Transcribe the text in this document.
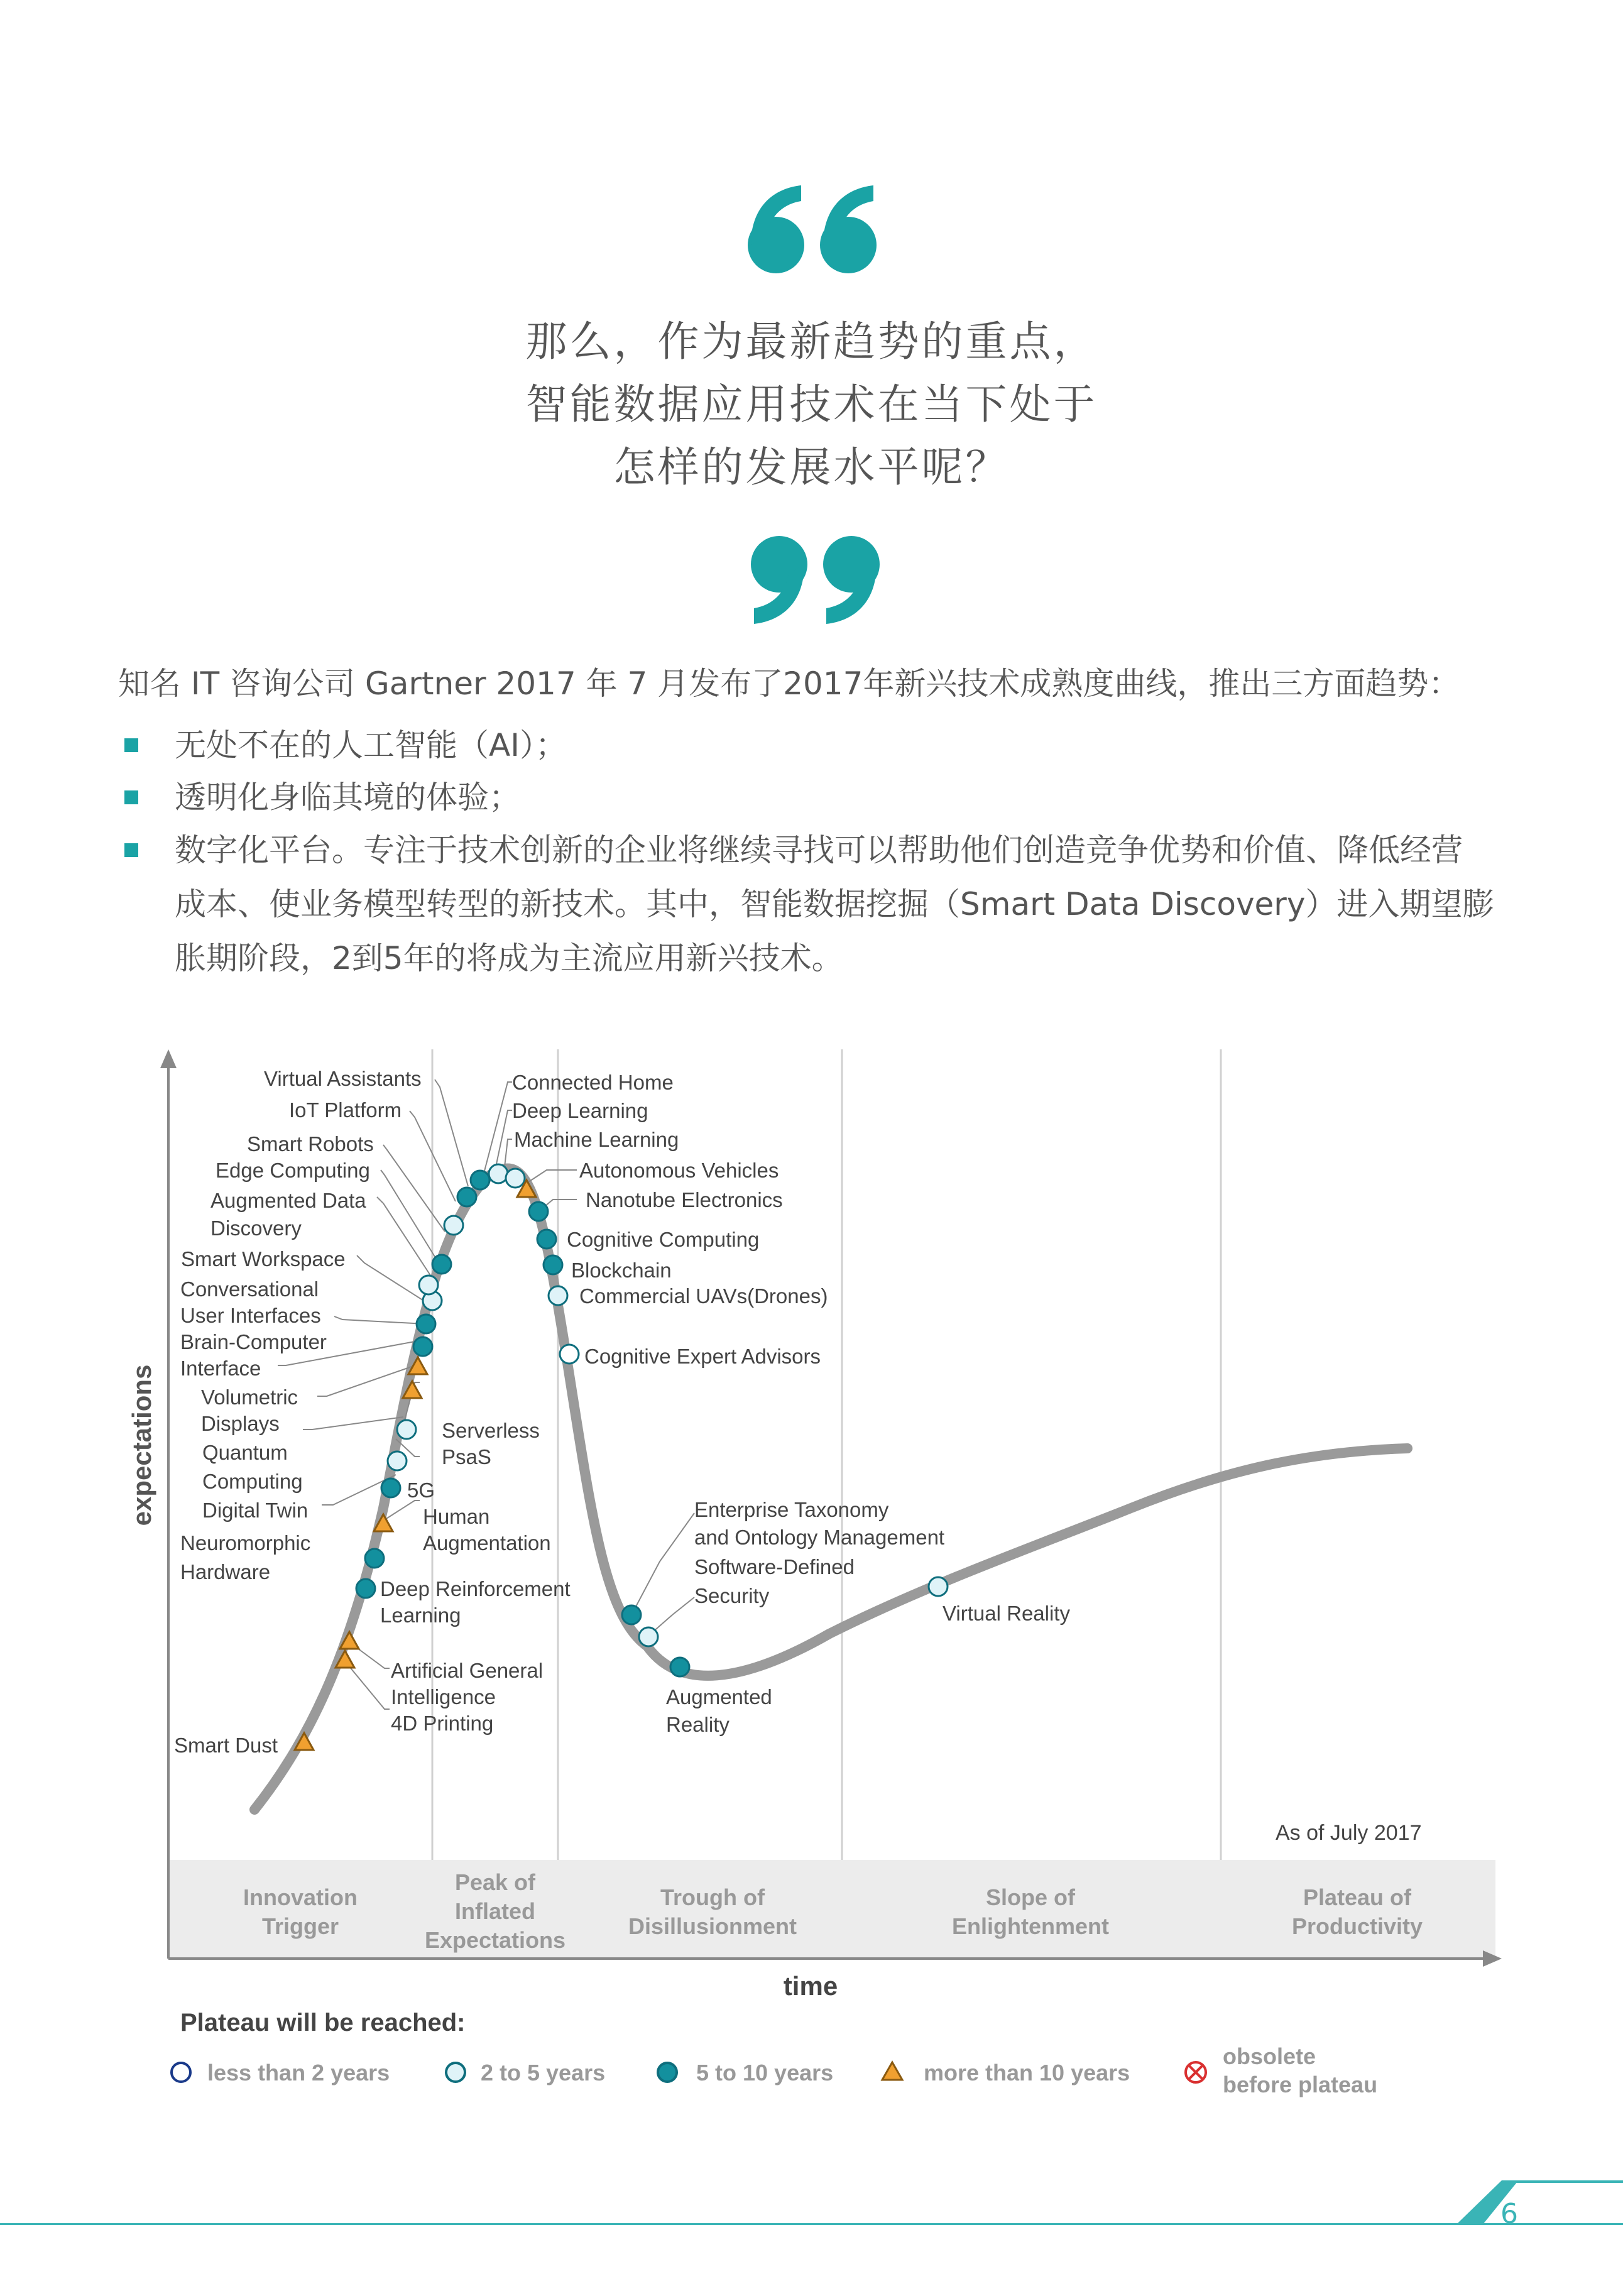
那么，作为最新趋势的重点，
智能数据应用技术在当下处于
怎样的发展水平呢？
知名 IT 咨询公司 Gartner 2017 年 7 月发布了2017年新兴技术成熟度曲线，推出三方面趋势：
无处不在的人工智能（AI）；
透明化身临其境的体验；
数字化平台。专注于技术创新的企业将继续寻找可以帮助他们创造竞争优势和价值、降低经营
成本、使业务模型转型的新技术。其中，智能数据挖掘（Smart Data Discovery）进入期望膨
胀期阶段，2到5年的将成为主流应用新兴技术。
expectations
time
As of July 2017
Innovation
Trigger
Peak of
Inflated
Expectations
Trough of
Disillusionment
Slope of
Enlightenment
Plateau of
Productivity
Virtual Assistants
IoT Platform
Smart Robots
Edge Computing
Augmented Data
Discovery
Smart Workspace
Conversational
User Interfaces
Brain-Computer
Interface
Volumetric
Displays
Quantum
Computing
Digital Twin
Neuromorphic
Hardware
Connected Home
Deep Learning
Machine Learning
Autonomous Vehicles
Nanotube Electronics
Cognitive Computing
Blockchain
Commercial UAVs(Drones)
Cognitive Expert Advisors
Serverless
PsaS
5G
Human
Augmentation
Deep Reinforcement
Learning
Artificial General
Intelligence
4D Printing
Smart Dust
Enterprise Taxonomy
and Ontology Management
Software-Defined
Security
Augmented
Reality
Virtual Reality
Plateau will be reached:
less than 2 years	2 to 5 years	5 to 10 years	more than 10 years
obsolete
before plateau
6
